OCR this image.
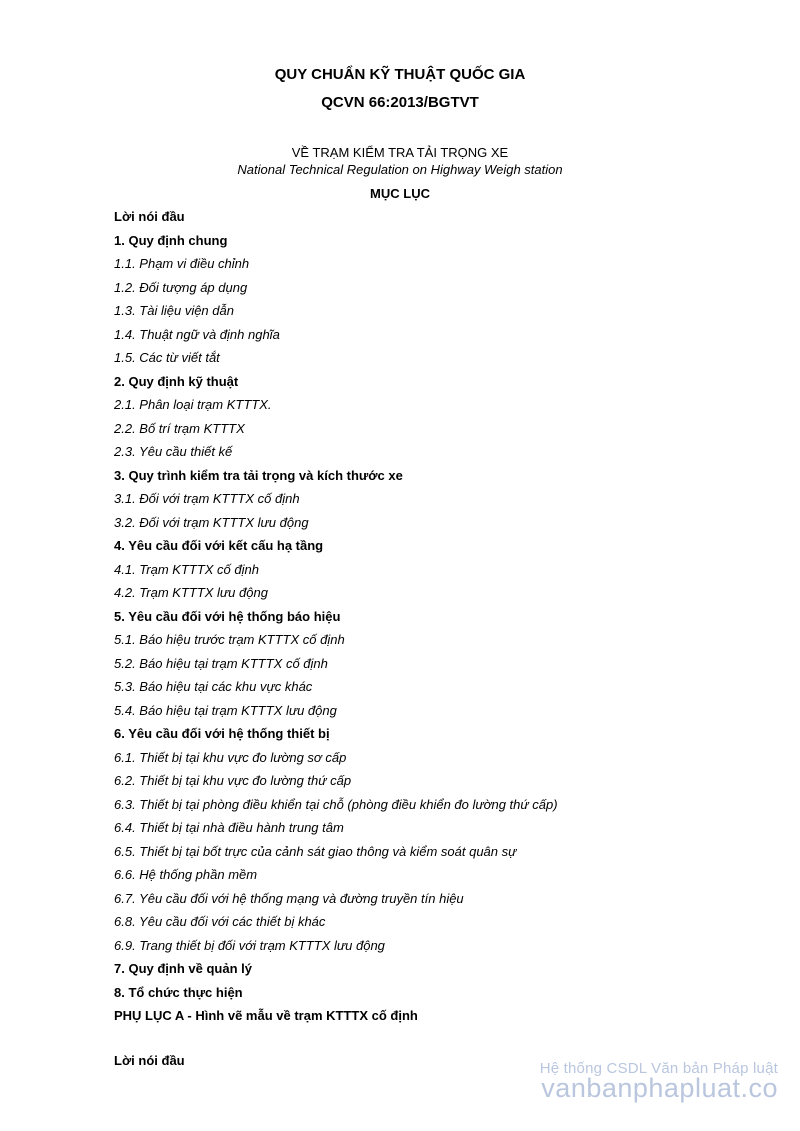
QUY CHUẨN KỸ THUẬT QUỐC GIA
QCVN 66:2013/BGTVT
VỀ TRẠM KIỂM TRA TẢI TRỌNG XE
National Technical Regulation on Highway Weigh station
MỤC LỤC
Lời nói đầu
1. Quy định chung
1.1. Phạm vi điều chỉnh
1.2. Đối tượng áp dụng
1.3. Tài liệu viện dẫn
1.4. Thuật ngữ và định nghĩa
1.5. Các từ viết tắt
2. Quy định kỹ thuật
2.1. Phân loại trạm KTTTX.
2.2. Bố trí trạm KTTTX
2.3. Yêu cầu thiết kế
3. Quy trình kiểm tra tải trọng và kích thước xe
3.1. Đối với trạm KTTTX cố định
3.2. Đối với trạm KTTTX lưu động
4. Yêu cầu đối với kết cấu hạ tầng
4.1. Trạm KTTTX cố định
4.2. Trạm KTTTX lưu động
5. Yêu cầu đối với hệ thống báo hiệu
5.1. Báo hiệu trước trạm KTTTX cố định
5.2. Báo hiệu tại trạm KTTTX cố định
5.3. Báo hiệu tại các khu vực khác
5.4. Báo hiệu tại trạm KTTTX lưu động
6. Yêu cầu đối với hệ thống thiết bị
6.1. Thiết bị tại khu vực đo lường sơ cấp
6.2. Thiết bị tại khu vực đo lường thứ cấp
6.3. Thiết bị tại phòng điều khiển tại chỗ (phòng điều khiển đo lường thứ cấp)
6.4. Thiết bị tại nhà điều hành trung tâm
6.5. Thiết bị tại bốt trực của cảnh sát giao thông và kiểm soát quân sự
6.6. Hệ thống phần mềm
6.7. Yêu cầu đối với hệ thống mạng và đường truyền tín hiệu
6.8. Yêu cầu đối với các thiết bị khác
6.9. Trang thiết bị đối với trạm KTTTX lưu động
7. Quy định về quản lý
8. Tổ chức thực hiện
PHỤ LỤC A - Hình vẽ mẫu về trạm KTTTX cố định
Lời nói đầu	Hệ thống CSDL Văn bản Pháp luật
vanbanphapluat.co
